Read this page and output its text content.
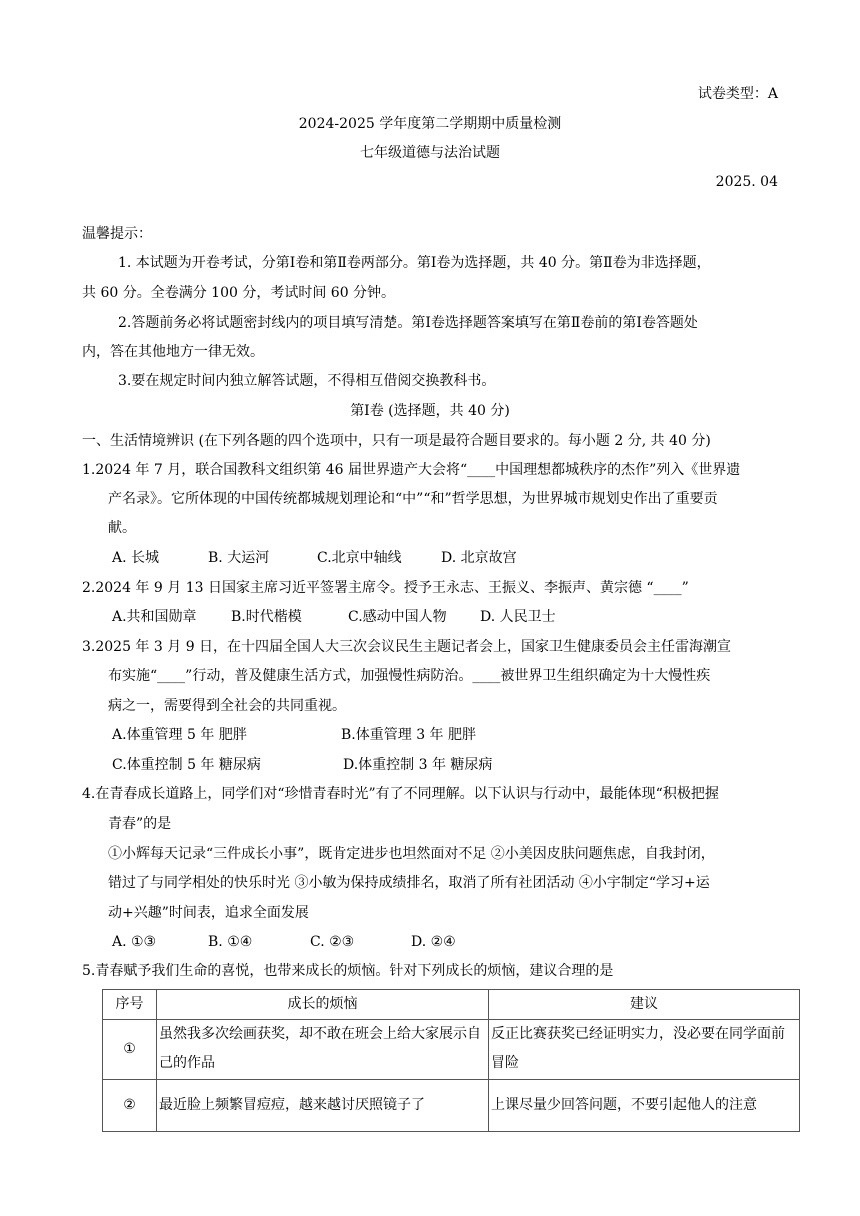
试卷类型：A
2024-2025 学年度第二学期期中质量检测
七年级道德与法治试题
2025. 04
温馨提示：
1. 本试题为开卷考试，分第Ⅰ卷和第Ⅱ卷两部分。第Ⅰ卷为选择题，共 40 分。第Ⅱ卷为非选择题，
共 60 分。全卷满分 100 分，考试时间 60 分钟。
2.答题前务必将试题密封线内的项目填写清楚。第Ⅰ卷选择题答案填写在第Ⅱ卷前的第Ⅰ卷答题处
内，答在其他地方一律无效。
3.要在规定时间内独立解答试题，不得相互借阅交换教科书。
第Ⅰ卷 (选择题，共 40 分)
一、生活情境辨识 (在下列各题的四个选项中，只有一项是最符合题目要求的。每小题 2 分, 共 40 分)
1.2024 年 7 月，联合国教科文组织第 46 届世界遗产大会将“____中国理想都城秩序的杰作”列入《世界遗
产名录》。它所体现的中国传统都城规划理论和“中”“和”哲学思想，为世界城市规划史作出了重要贡
献。
A. 长城	B. 大运河	C.北京中轴线	D. 北京故宫
2.2024 年 9 月 13 日国家主席习近平签署主席令。授予王永志、王振义、李振声、黄宗德 “____”
A.共和国勋章 B.时代楷模	C.感动中国人物 D. 人民卫士
3.2025 年 3 月 9 日，在十四届全国人大三次会议民生主题记者会上，国家卫生健康委员会主任雷海潮宣
布实施“____”行动，普及健康生活方式，加强慢性病防治。____被世界卫生组织确定为十大慢性疾
病之一，需要得到全社会的共同重视。
A.体重管理 5 年 肥胖	B.体重管理 3 年 肥胖
C.体重控制 5 年 糖尿病	D.体重控制 3 年 糖尿病
4.在青春成长道路上，同学们对“珍惜青春时光”有了不同理解。以下认识与行动中，最能体现“积极把握
青春”的是
①小辉每天记录“三件成长小事”，既肯定进步也坦然面对不足 ②小美因皮肤问题焦虑，自我封闭，
错过了与同学相处的快乐时光 ③小敏为保持成绩排名，取消了所有社团活动 ④小宇制定“学习+运
动+兴趣”时间表，追求全面发展
A. ①③	B. ①④	C. ②③	D. ②④
5.青春赋予我们生命的喜悦，也带来成长的烦恼。针对下列成长的烦恼，建议合理的是
序号	成长的烦恼	建议
①	虽然我多次绘画获奖，却不敢在班会上给大家展示自己的作品	反正比赛获奖已经证明实力，没必要在同学面前冒险
②	最近脸上频繁冒痘痘，越来越讨厌照镜子了	上课尽量少回答问题，不要引起他人的注意
